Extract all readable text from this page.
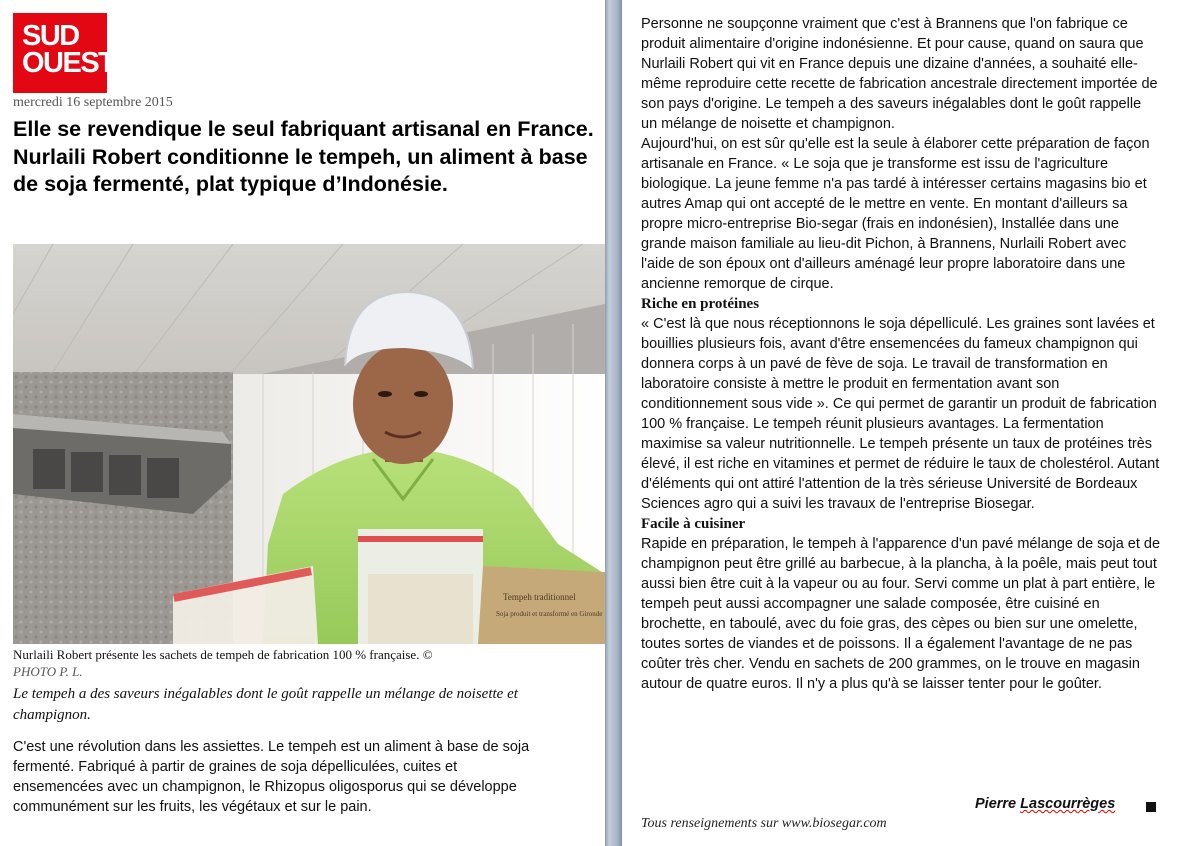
SUD
OUEST
mercredi 16 septembre 2015
Elle se revendique le seul fabriquant artisanal en France. Nurlaili Robert conditionne le tempeh, un aliment à base de soja fermenté, plat typique d’Indonésie.
Tempeh traditionnel
Soja produit et transformé en Gironde
Nurlaili Robert présente les sachets de tempeh de fabrication 100 % française. ©
PHOTO P. L.
Le tempeh a des saveurs inégalables dont le goût rappelle un mélange de noisette et champignon.
C'est une révolution dans les assiettes. Le tempeh est un aliment à base de soja fermenté. Fabriqué à partir de graines de soja dépelliculées, cuites et ensemencées avec un champignon, le Rhizopus oligosporus qui se développe communément sur les fruits, les végétaux et sur le pain.

Personne ne soupçonne vraiment que c'est à Brannens que l'on fabrique ce produit alimentaire d'origine indonésienne. Et pour cause, quand on saura que Nurlaili Robert qui vit en France depuis une dizaine d'années, a souhaité elle-même reproduire cette recette de fabrication ancestrale directement importée de son pays d'origine. Le tempeh a des saveurs inégalables dont le goût rappelle un mélange de noisette et champignon.

Aujourd'hui, on est sûr qu'elle est la seule à élaborer cette préparation de façon artisanale en France. « Le soja que je transforme est issu de l'agriculture biologique. La jeune femme n'a pas tardé à intéresser certains magasins bio et autres Amap qui ont accepté de le mettre en vente. En montant d'ailleurs sa propre micro-entreprise Bio-segar (frais en indonésien), Installée dans une grande maison familiale au lieu-dit Pichon, à Brannens, Nurlaili Robert avec l'aide de son époux ont d'ailleurs aménagé leur propre laboratoire dans une ancienne remorque de cirque.

Riche en protéines

« C'est là que nous réceptionnons le soja dépelliculé. Les graines sont lavées et bouillies plusieurs fois, avant d'être ensemencées du fameux champignon qui donnera corps à un pavé de fève de soja. Le travail de transformation en laboratoire consiste à mettre le produit en fermentation avant son conditionnement sous vide ». Ce qui permet de garantir un produit de fabrication 100 % française. Le tempeh réunit plusieurs avantages. La fermentation maximise sa valeur nutritionnelle. Le tempeh présente un taux de protéines très élevé, il est riche en vitamines et permet de réduire le taux de cholestérol. Autant d'éléments qui ont attiré l'attention de la très sérieuse Université de Bordeaux Sciences agro qui a suivi les travaux de l'entreprise Biosegar.

Facile à cuisiner

Rapide en préparation, le tempeh à l'apparence d'un pavé mélange de soja et de champignon peut être grillé au barbecue, à la plancha, à la poêle, mais peut tout aussi bien être cuit à la vapeur ou au four. Servi comme un plat à part entière, le tempeh peut aussi accompagner une salade composée, être cuisiné en brochette, en taboulé, avec du foie gras, des cèpes ou bien sur une omelette, toutes sortes de viandes et de poissons. Il a également l'avantage de ne pas coûter très cher. Vendu en sachets de 200 grammes, on le trouve en magasin autour de quatre euros. Il n'y a plus qu'à se laisser tenter pour le goûter.

Pierre Lascourrèges
Tous renseignements sur www.biosegar.com
